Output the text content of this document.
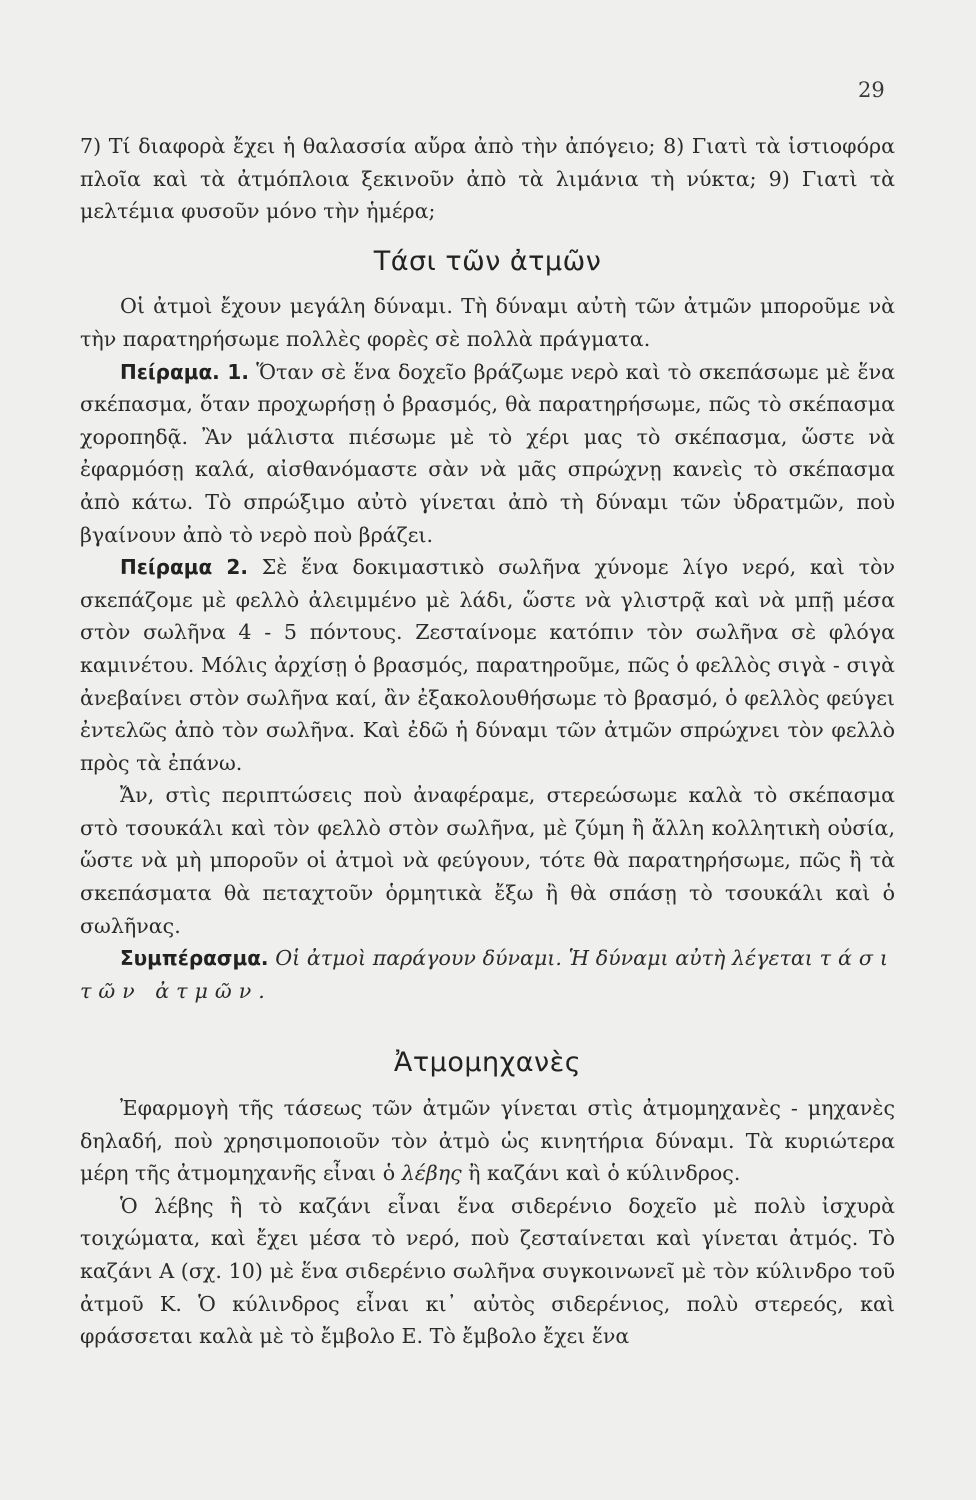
29

7) Τί διαφορὰ ἔχει ἡ θαλασσία αὔρα ἀπὸ τὴν ἀπόγειο; 8) Γιατὶ τὰ ἱστιοφόρα πλοῖα καὶ τὰ ἀτμόπλοια ξεκινοῦν ἀπὸ τὰ λιμάνια τὴ νύκτα; 9) Γιατὶ τὰ μελτέμια φυσοῦν μόνο τὴν ἡμέρα;

Τάσι τῶν ἀτμῶν

Οἱ ἀτμοὶ ἔχουν μεγάλη δύναμι. Τὴ δύναμι αὐτὴ τῶν ἀτμῶν μποροῦμε νὰ τὴν παρατηρήσωμε πολλὲς φορὲς σὲ πολλὰ πράγματα.

Πείραμα. 1. Ὅταν σὲ ἕνα δοχεῖο βράζωμε νερὸ καὶ τὸ σκεπάσωμε μὲ ἕνα σκέπασμα, ὅταν προχωρήσῃ ὁ βρασμός, θὰ παρατηρήσωμε, πῶς τὸ σκέπασμα χοροπηδᾷ. Ἂν μάλιστα πιέσωμε μὲ τὸ χέρι μας τὸ σκέπασμα, ὥστε νὰ ἐφαρμόσῃ καλά, αἰσθανόμαστε σὰν νὰ μᾶς σπρώχνῃ κανεὶς τὸ σκέπασμα ἀπὸ κάτω. Τὸ σπρώξιμο αὐτὸ γίνεται ἀπὸ τὴ δύναμι τῶν ὑδρατμῶν, ποὺ βγαίνουν ἀπὸ τὸ νερὸ ποὺ βράζει.

Πείραμα 2. Σὲ ἕνα δοκιμαστικὸ σωλῆνα χύνομε λίγο νερό, καὶ τὸν σκεπάζομε μὲ φελλὸ ἀλειμμένο μὲ λάδι, ὥστε νὰ γλιστρᾷ καὶ νὰ μπῇ μέσα στὸν σωλῆνα 4 - 5 πόντους. Ζεσταίνομε κατόπιν τὸν σωλῆνα σὲ φλόγα καμινέτου. Μόλις ἀρχίσῃ ὁ βρασμός, παρατηροῦμε, πῶς ὁ φελλὸς σιγὰ - σιγὰ ἀνεβαίνει στὸν σωλῆνα καί, ἂν ἐξακολουθήσωμε τὸ βρασμό, ὁ φελλὸς φεύγει ἐντελῶς ἀπὸ τὸν σωλῆνα. Καὶ ἐδῶ ἡ δύναμι τῶν ἀτμῶν σπρώχνει τὸν φελλὸ πρὸς τὰ ἐπάνω.

Ἄν, στὶς περιπτώσεις ποὺ ἀναφέραμε, στερεώσωμε καλὰ τὸ σκέπασμα στὸ τσουκάλι καὶ τὸν φελλὸ στὸν σωλῆνα, μὲ ζύμη ἢ ἄλλη κολλητικὴ οὐσία, ὥστε νὰ μὴ μποροῦν οἱ ἀτμοὶ νὰ φεύγουν, τότε θὰ παρατηρήσωμε, πῶς ἢ τὰ σκεπάσματα θὰ πεταχτοῦν ὁρμητικὰ ἔξω ἢ θὰ σπάσῃ τὸ τσουκάλι καὶ ὁ σωλῆνας.

Συμπέρασμα. Οἱ ἀτμοὶ παράγουν δύναμι. Ἡ δύναμι αὐτὴ λέγεται τάσι τῶν ἀτμῶν.

Ἀτμομηχανὲς

Ἐφαρμογὴ τῆς τάσεως τῶν ἀτμῶν γίνεται στὶς ἀτμομηχανὲς - μηχανὲς δηλαδή, ποὺ χρησιμοποιοῦν τὸν ἀτμὸ ὡς κινητήρια δύναμι. Τὰ κυριώτερα μέρη τῆς ἀτμομηχανῆς εἶναι ὁ λέβης ἢ καζάνι καὶ ὁ κύλινδρος.

Ὁ λέβης ἢ τὸ καζάνι εἶναι ἕνα σιδερένιο δοχεῖο μὲ πολὺ ἰσχυρὰ τοιχώματα, καὶ ἔχει μέσα τὸ νερό, ποὺ ζεσταίνεται καὶ γίνεται ἀτμός. Τὸ καζάνι Α (σχ. 10) μὲ ἕνα σιδερένιο σωλῆνα συγκοινωνεῖ μὲ τὸν κύλινδρο τοῦ ἀτμοῦ Κ. Ὁ κύλινδρος εἶναι κι᾿ αὐτὸς σιδερένιος, πολὺ στερεός, καὶ φράσσεται καλὰ μὲ τὸ ἔμβολο Ε. Τὸ ἔμβολο ἔχει ἕνα
